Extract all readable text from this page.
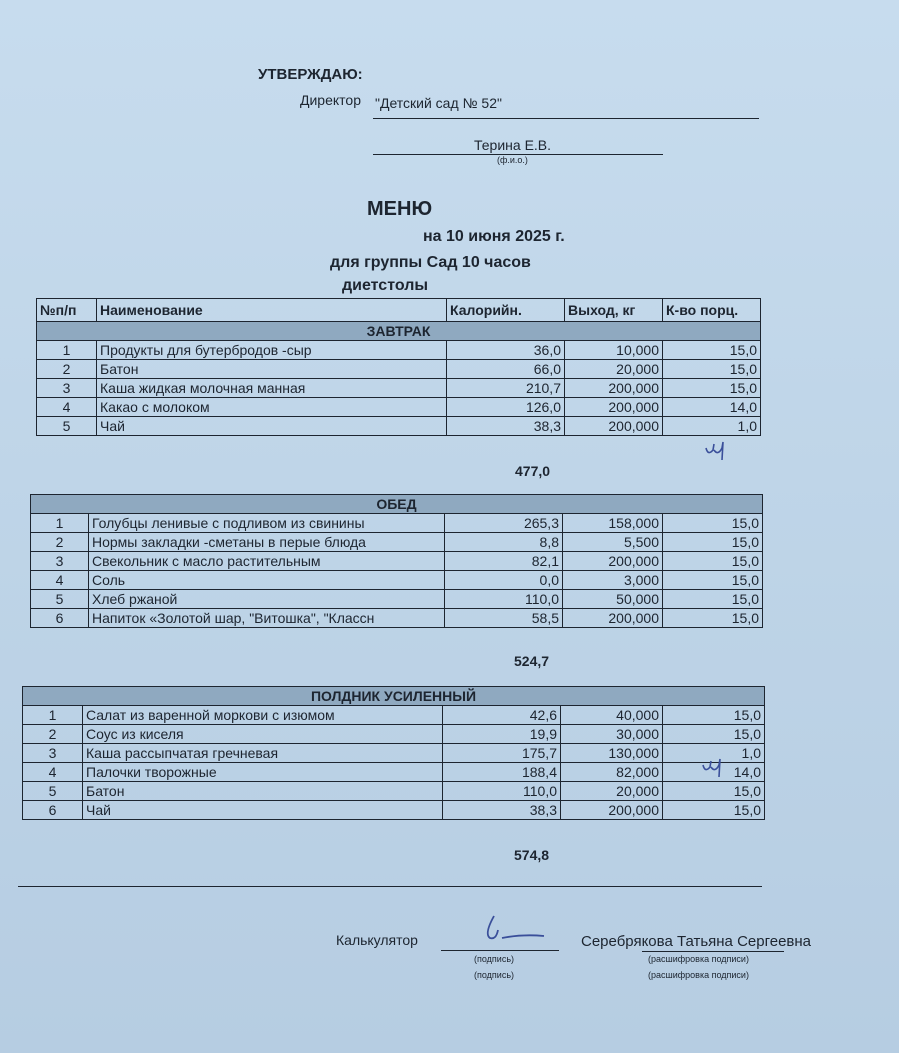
УТВЕРЖДАЮ:
Директор "Детский сад № 52"
Терина Е.В.
(ф.и.о.)
МЕНЮ
на 10 июня 2025 г.
для группы Сад 10 часов
диетстолы
№п/п	Наименование	Калорийн.	Выход, кг	К-во порц.
ЗАВТРАК				
1	Продукты для бутербродов -сыр	36,0	10,000	15,0
2	Батон	66,0	20,000	15,0
3	Каша жидкая молочная манная	210,7	200,000	15,0
4	Какао с молоком	126,0	200,000	14,0
5	Чай	38,3	200,000	1,0
477,0
ОБЕД				
1	Голубцы ленивые с подливом из свинины	265,3	158,000	15,0
2	Нормы закладки -сметаны в перые блюда	8,8	5,500	15,0
3	Свекольник с масло растительным	82,1	200,000	15,0
4	Соль	0,0	3,000	15,0
5	Хлеб ржаной	110,0	50,000	15,0
6	Напиток «Золотой шар, "Витошка", "Классн	58,5	200,000	15,0
524,7
ПОЛДНИК УСИЛЕННЫЙ				
1	Салат из варенной моркови с изюмом	42,6	40,000	15,0
2	Соус из киселя	19,9	30,000	15,0
3	Каша рассыпчатая гречневая	175,7	130,000	1,0
4	Палочки творожные	188,4	82,000	14,0
5	Батон	110,0	20,000	15,0
6	Чай	38,3	200,000	15,0
574,8
Калькулятор
(подпись)
(подпись)
Серебрякова Татьяна Сергеевна
(расшифровка подписи)
(расшифровка подписи)
